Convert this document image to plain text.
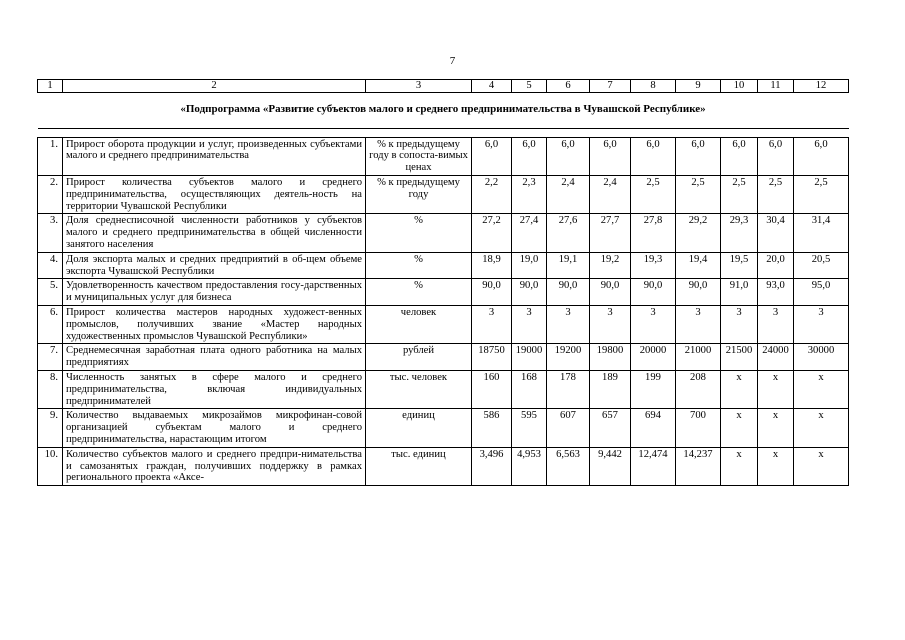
7
1	2	3	4	5	6	7	8	9	10	11	12
«Подпрограмма «Развитие субъектов малого и среднего предпринимательства в Чувашской Республике»											

1.	Прирост оборота продукции и услуг, произведенных субъектами малого и среднего предпринимательства	% к предыдущему году в сопоста-вимых ценах	6,0	6,0	6,0	6,0	6,0	6,0	6,0	6,0	6,0
2.	Прирост количества субъектов малого и среднего предпринимательства, осуществляющих деятель-ность на территории Чувашской Республики	% к предыдущему году	2,2	2,3	2,4	2,4	2,5	2,5	2,5	2,5	2,5
3.	Доля среднесписочной численности работников у субъектов малого и среднего предпринимательства в общей численности занятого населения	%	27,2	27,4	27,6	27,7	27,8	29,2	29,3	30,4	31,4
4.	Доля экспорта малых и средних предприятий в об-щем объеме экспорта Чувашской Республики	%	18,9	19,0	19,1	19,2	19,3	19,4	19,5	20,0	20,5
5.	Удовлетворенность качеством предоставления госу-дарственных и муниципальных услуг для бизнеса	%	90,0	90,0	90,0	90,0	90,0	90,0	91,0	93,0	95,0
6.	Прирост количества мастеров народных художест-венных промыслов, получивших звание «Мастер народных художественных промыслов Чувашской Республики»	человек	3	3	3	3	3	3	3	3	3
7.	Среднемесячная заработная плата одного работника на малых предприятиях	рублей	18750	19000	19200	19800	20000	21000	21500	24000	30000
8.	Численность занятых в сфере малого и среднего предпринимательства, включая индивидуальных предпринимателей	тыс. человек	160	168	178	189	199	208	х	х	х
9.	Количество выдаваемых микрозаймов микрофинан-совой организацией субъектам малого и среднего предпринимательства, нарастающим итогом	единиц	586	595	607	657	694	700	х	х	х
10.	Количество субъектов малого и среднего предпри-нимательства и самозанятых граждан, получивших поддержку в рамках регионального проекта «Аксе-	тыс. единиц	3,496	4,953	6,563	9,442	12,474	14,237	х	х	х
